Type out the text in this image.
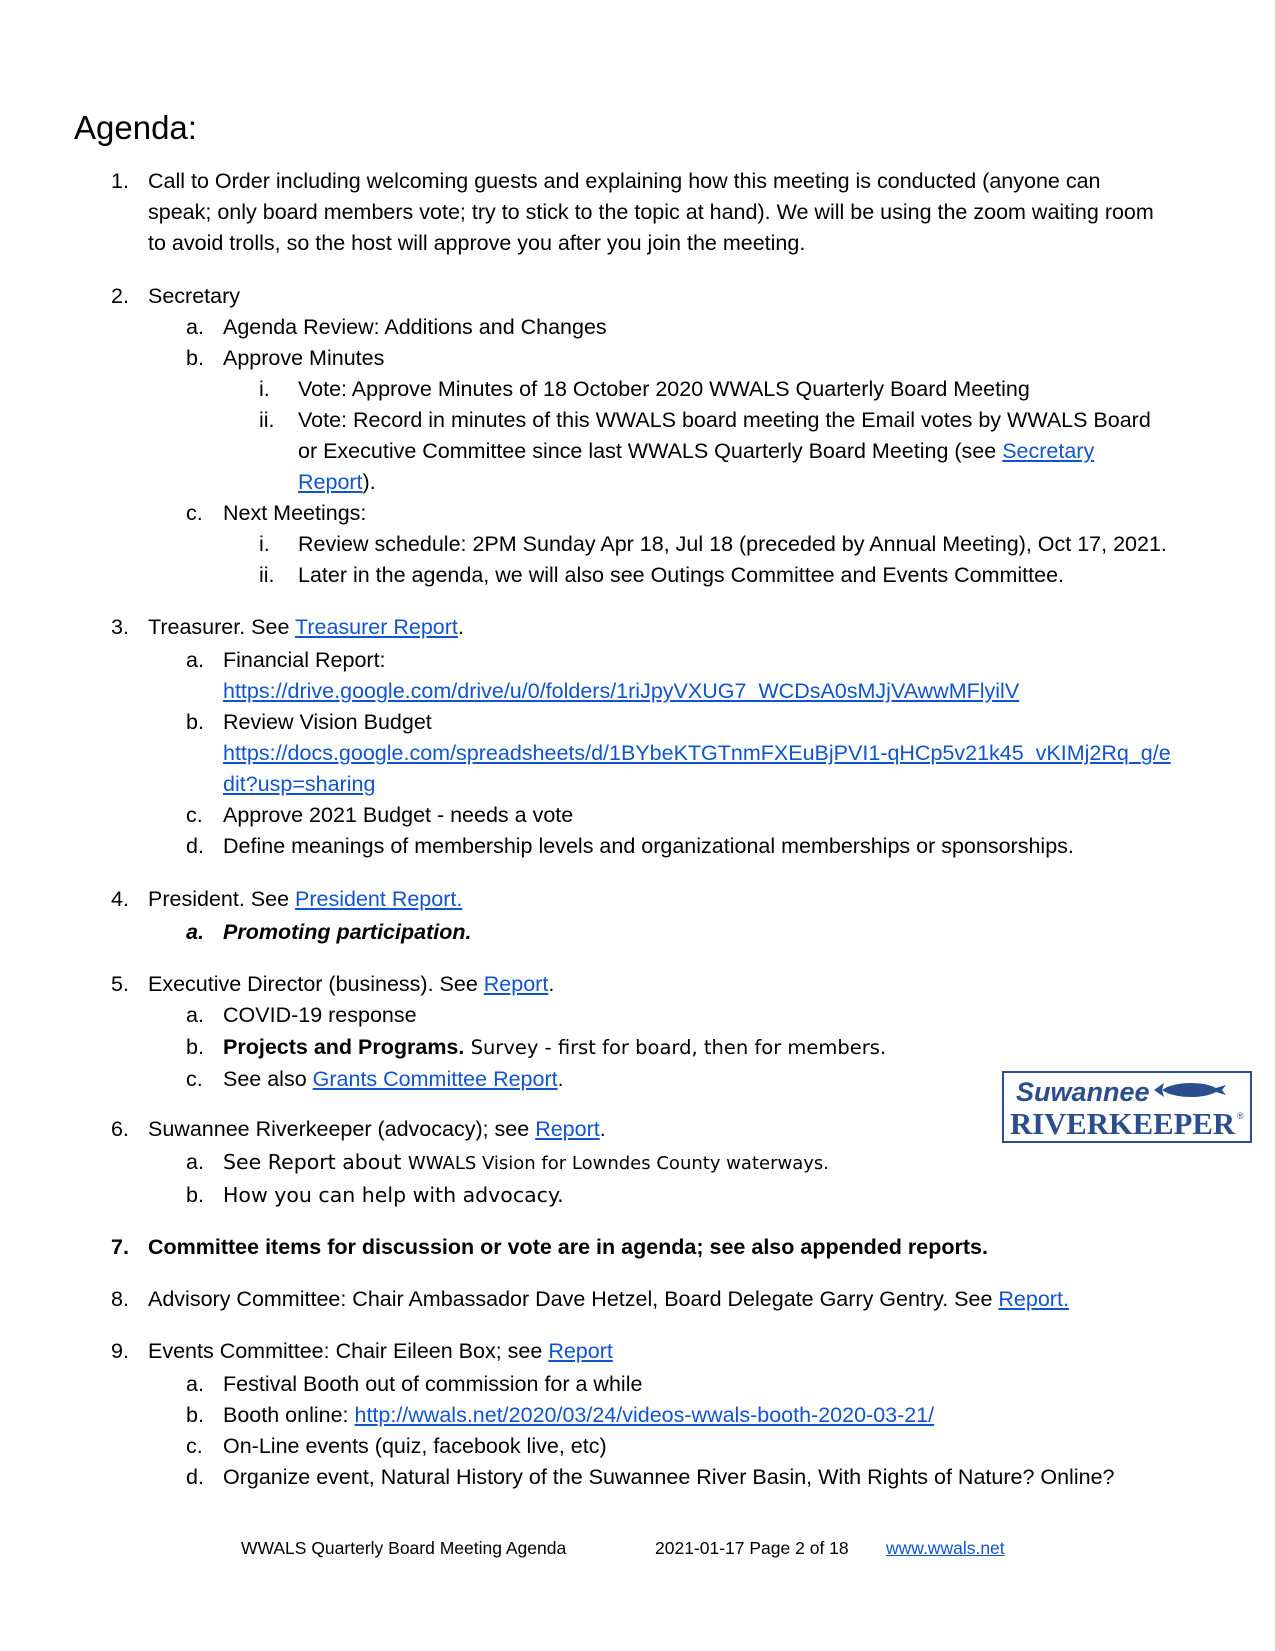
Agenda:
1. Call to Order including welcoming guests and explaining how this meeting is conducted (anyone can
speak; only board members vote; try to stick to the topic at hand). We will be using the zoom waiting room
to avoid trolls, so the host will approve you after you join the meeting.
2. Secretary
a. Agenda Review: Additions and Changes
b. Approve Minutes
i. Vote: Approve Minutes of 18 October 2020 WWALS Quarterly Board Meeting
ii. Vote: Record in minutes of this WWALS board meeting the Email votes by WWALS Board
or Executive Committee since last WWALS Quarterly Board Meeting (see Secretary
Report).
c. Next Meetings:
i. Review schedule: 2PM Sunday Apr 18, Jul 18 (preceded by Annual Meeting), Oct 17, 2021.
ii. Later in the agenda, we will also see Outings Committee and Events Committee.
3. Treasurer. See Treasurer Report.
a. Financial Report:
https://drive.google.com/drive/u/0/folders/1riJpyVXUG7_WCDsA0sMJjVAwwMFlyilV
b. Review Vision Budget
https://docs.google.com/spreadsheets/d/1BYbeKTGTnmFXEuBjPVI1-qHCp5v21k45_vKIMj2Rq_g/e
dit?usp=sharing
c. Approve 2021 Budget - needs a vote
d. Define meanings of membership levels and organizational memberships or sponsorships.
4. President. See President Report.
a. Promoting participation.
5. Executive Director (business). See Report.
a. COVID-19 response
b. Projects and Programs. Survey - first for board, then for members.
c. See also Grants Committee Report.	Suwannee
RIVERKEEPER ®
6. Suwannee Riverkeeper (advocacy); see Report.
a. See Report about WWALS Vision for Lowndes County waterways.
b. How you can help with advocacy.
7. Committee items for discussion or vote are in agenda; see also appended reports.
8. Advisory Committee: Chair Ambassador Dave Hetzel, Board Delegate Garry Gentry. See Report.
9. Events Committee: Chair Eileen Box; see Report
a. Festival Booth out of commission for a while
b. Booth online: http://wwals.net/2020/03/24/videos-wwals-booth-2020-03-21/
c. On-Line events (quiz, facebook live, etc)
d. Organize event, Natural History of the Suwannee River Basin, With Rights of Nature? Online?
WWALS Quarterly Board Meeting Agenda	2021-01-17 Page 2 of 18 www.wwals.net
